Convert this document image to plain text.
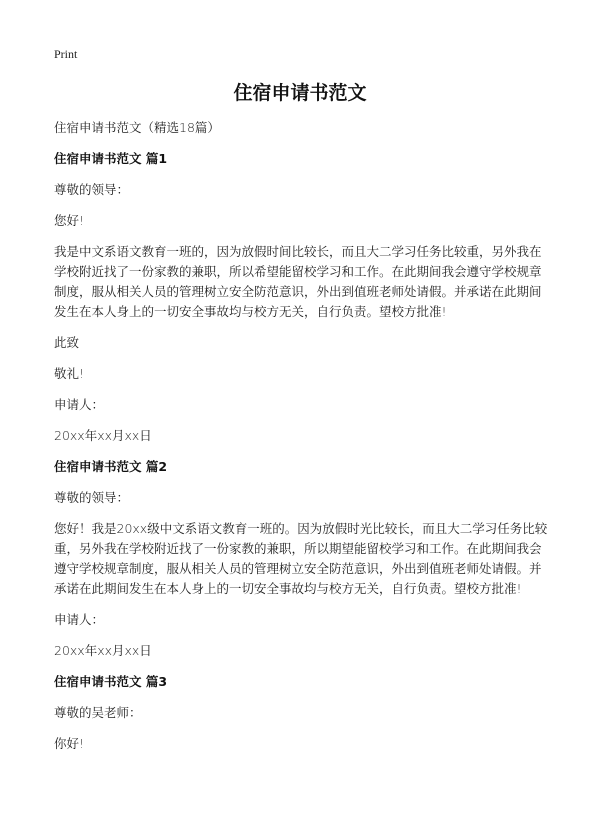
Print
住宿申请书范文

住宿申请书范文（精选18篇）

住宿申请书范文 篇1

尊敬的领导：

您好!

我是中文系语文教育一班的，因为放假时间比较长，而且大二学习任务比较重，另外我在学校附近找了一份家教的兼职，所以希望能留校学习和工作。在此期间我会遵守学校规章制度，服从相关人员的管理树立安全防范意识，外出到值班老师处请假。并承诺在此期间发生在本人身上的一切安全事故均与校方无关，自行负责。望校方批准!

此致

敬礼!

申请人：

20xx年xx月xx日

住宿申请书范文 篇2

尊敬的领导：

您好！我是20xx级中文系语文教育一班的。因为放假时光比较长，而且大二学习任务比较重，另外我在学校附近找了一份家教的兼职，所以期望能留校学习和工作。在此期间我会遵守学校规章制度，服从相关人员的管理树立安全防范意识，外出到值班老师处请假。并承诺在此期间发生在本人身上的一切安全事故均与校方无关，自行负责。望校方批准!

申请人：

20xx年xx月xx日

住宿申请书范文 篇3

尊敬的吴老师：

你好!
